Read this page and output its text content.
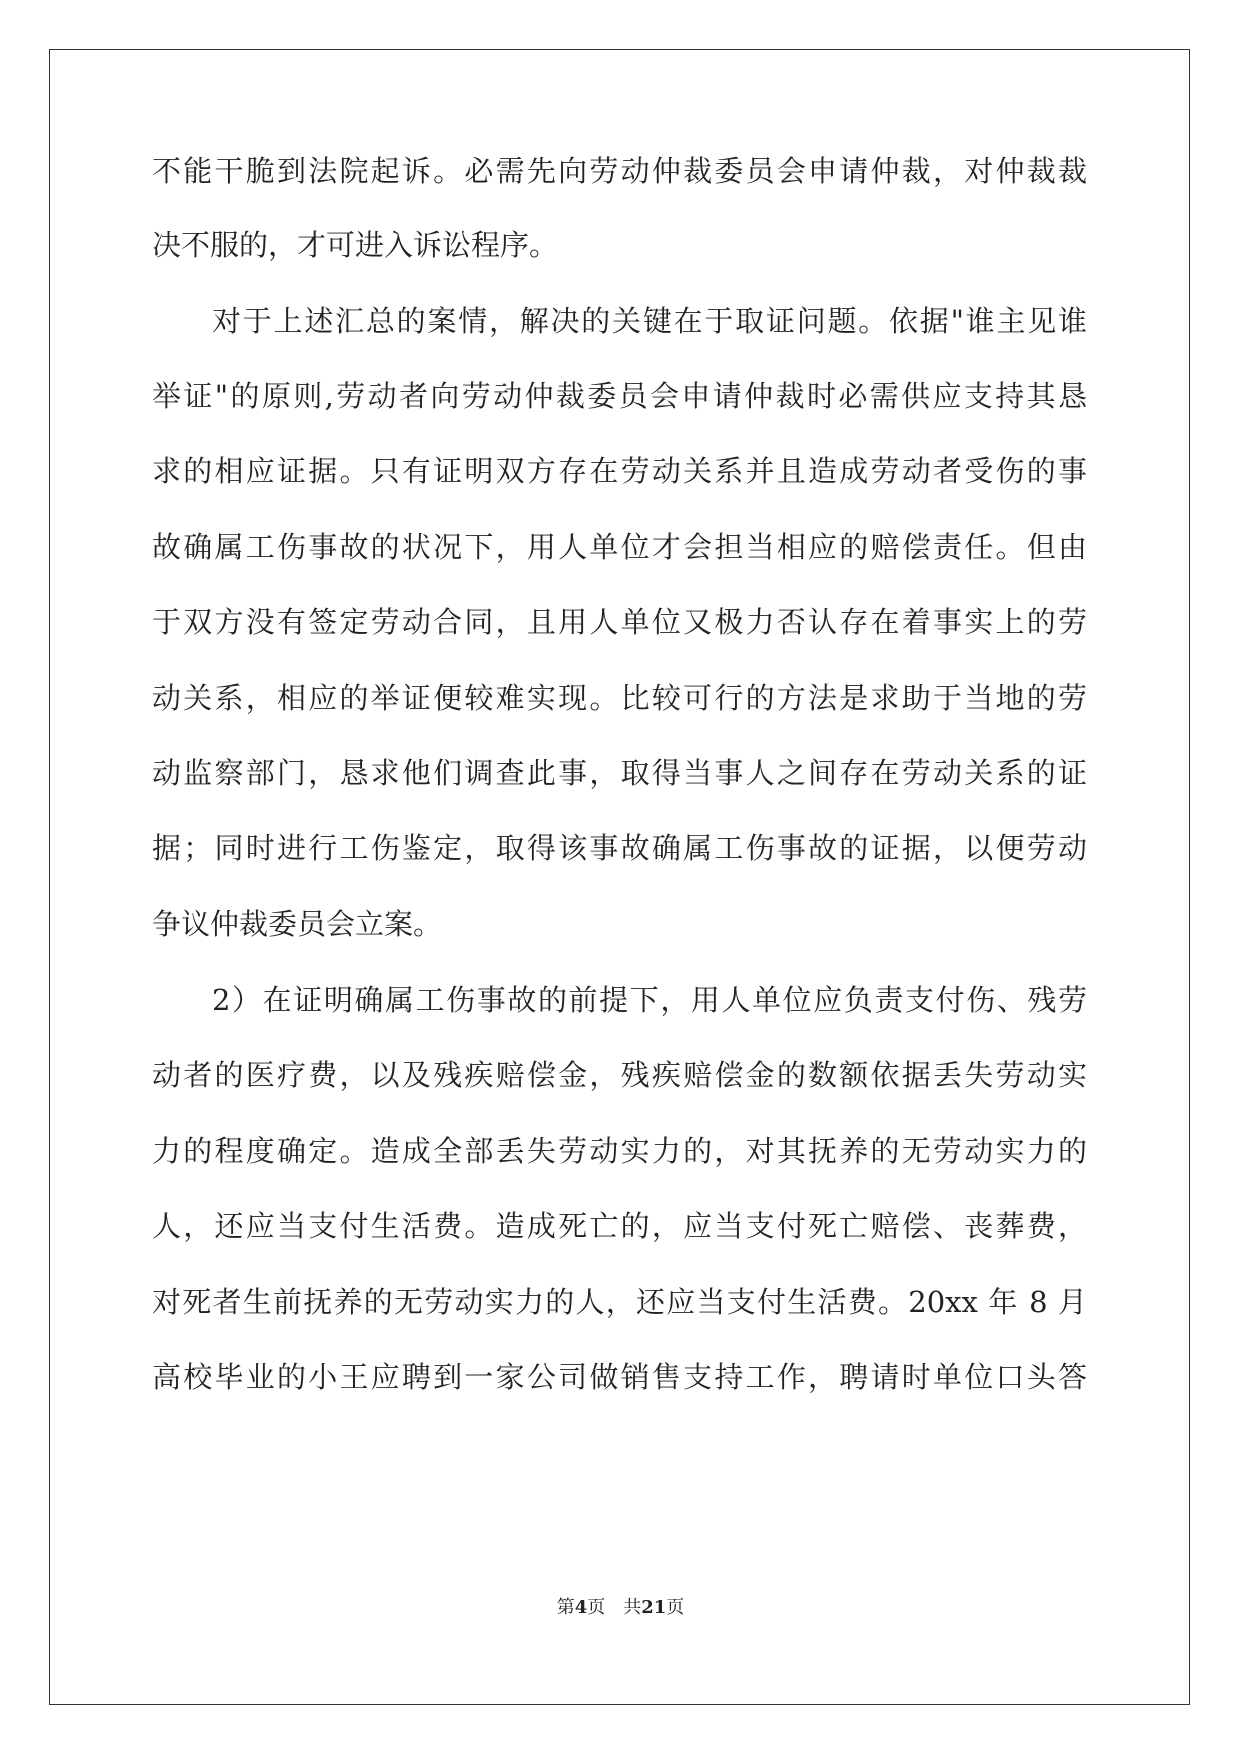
不能干脆到法院起诉。必需先向劳动仲裁委员会申请仲裁，对仲裁裁

决不服的，才可进入诉讼程序。

对于上述汇总的案情，解决的关键在于取证问题。依据"谁主见谁

举证"的原则,劳动者向劳动仲裁委员会申请仲裁时必需供应支持其恳

求的相应证据。只有证明双方存在劳动关系并且造成劳动者受伤的事

故确属工伤事故的状况下，用人单位才会担当相应的赔偿责任。但由

于双方没有签定劳动合同，且用人单位又极力否认存在着事实上的劳

动关系，相应的举证便较难实现。比较可行的方法是求助于当地的劳

动监察部门，恳求他们调查此事，取得当事人之间存在劳动关系的证

据；同时进行工伤鉴定，取得该事故确属工伤事故的证据，以便劳动

争议仲裁委员会立案。

2）在证明确属工伤事故的前提下，用人单位应负责支付伤、残劳

动者的医疗费，以及残疾赔偿金，残疾赔偿金的数额依据丢失劳动实

力的程度确定。造成全部丢失劳动实力的，对其抚养的无劳动实力的

人，还应当支付生活费。造成死亡的，应当支付死亡赔偿、丧葬费，

对死者生前抚养的无劳动实力的人，还应当支付生活费。20xx 年 8 月

高校毕业的小王应聘到一家公司做销售支持工作，聘请时单位口头答

第4页　共21页
